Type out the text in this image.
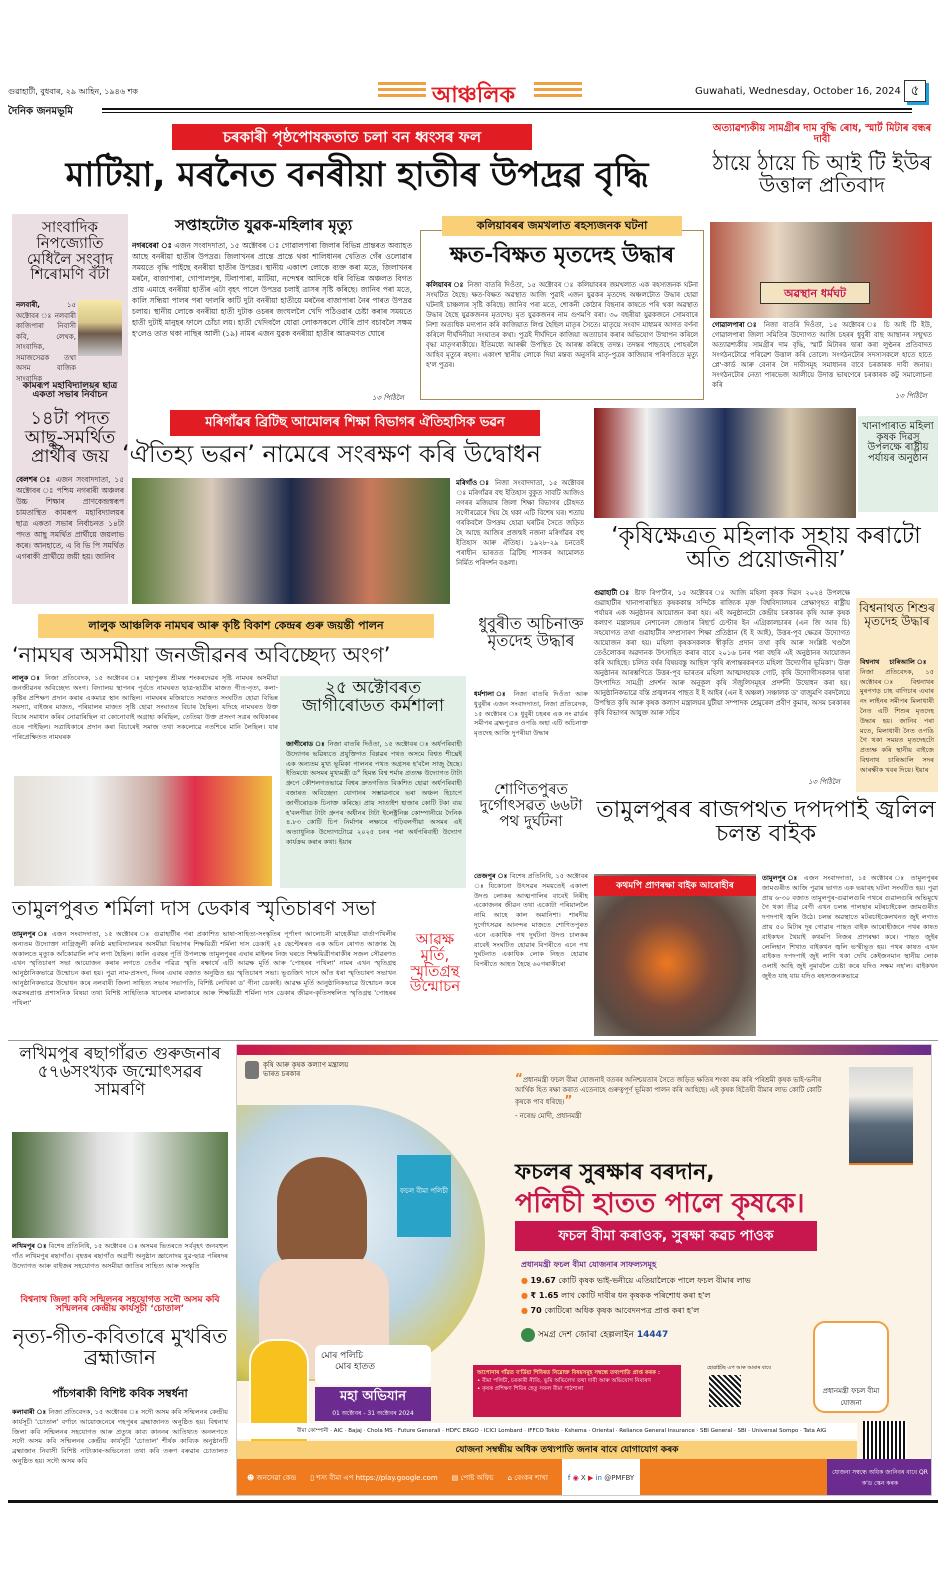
গুৱাহাটী, বুধবাৰ, ২৯ আহিন, ১৯৪৬ শক
দৈনিক জনমভূমি
আঞ্চলিক	Guwahati, Wednesday, October 16, 2024 ৫
চৰকাৰী পৃষ্ঠপোষকতাত চলা বন ধ্বংসৰ ফল
মাটিয়া, মৰনৈত বনৰীয়া হাতীৰ উপদ্ৰৱ বৃদ্ধি
সপ্তাহটোত যুৱক-মহিলাৰ মৃত্যু
নগৰবেৰা ঃ এজন সংবাদদাতা, ১৫ অক্টোবৰ ঃ গোৱালপাৰা জিলাৰ বিভিন্ন প্ৰান্তৰত অব্যাহত আছে বনৰীয়া হাতীৰ উপদ্ৰৱ। জিলাখনৰ প্ৰান্তে প্ৰান্তে থকা শালিধানৰ খেতিত গেঁৰ ওলোৱাৰ সময়তে বৃদ্ধি পাইছে বনৰীয়া হাতীৰ উপদ্ৰৱ। স্থানীয় একাংশ লোকে ব্যক্ত কৰা মতে, জিলাখনৰ মৰনৈ, বাজাপাৰা, গোপালপুৰ, টিলাপাৰা, মাটিয়া, নন্দেশ্বৰ আদিকে ধৰি বিভিন্ন অঞ্চলত বিগত প্ৰায় এমাহে বনৰীয়া হাতীৰ এটা বৃহৎ পালে উপদ্ৰৱ চলাই ত্ৰাসৰ সৃষ্টি কৰিছে। জানিব পৰা মতে, কালি সন্ধিয়া পালৰ পৰা ফালৰি কাটি দুটা বনৰীয়া হাতীয়ে মৰনৈৰ বাজাপাৰা নৈৰ পাৰত উপদ্ৰৱ চলায়। স্থানীয় লোকে বনৰীয়া হাতী দুটাক ওচৰৰ জংঘললৈ খেদি পঠিওৱাৰ চেষ্টা কৰাৰ সময়তে হাতী দুটাই মানুহৰ ফালে চোঁচা লয়। হাতী খেদিবলৈ যোৱা লোকসকলে দৌৰি প্ৰাণ বচাবলৈ সক্ষম হ'লেও তাত থকা নাছিৰ আলী (১৯) নামৰ এজন যুৱক বনৰীয়া হাতীৰ আক্ৰমণত ঘোৰে
১৩ পিঠিলৈ
সাংবাদিক নিপজ্যোতি মেধিলৈ সংবাদ শিৰোমণি বঁটা
নলবাৰী,	১৫ অক্টোবৰ ঃ নলবাৰী কাজিপাৰা নিবাসী কবি, লেখক, সাংবাদিক, সমাজসেৱক তথা অসম বাজিক সাংবাদিক
কামৰূপ মহাবিদ্যালয়ৰ ছাত্ৰ একতা সভাৰ নিৰ্বাচন
১৪টা পদত আছু-সমৰ্থিত প্ৰাৰ্থীৰ জয়
বেলশৰ ঃ এজন সংবাদদাতা, ১৫ অক্টোবৰ ঃ পশ্চিম নগৰাৰী অঞ্চলৰ উচ্চ শিক্ষাৰ প্ৰাণকেন্দ্ৰস্বৰূপ চামতাস্থিত কামৰূপ মহাবিদ্যালয়ৰ ছাত্ৰ একতা সভাৰ নিৰ্বাচনত ১৪টা পদত আছু সমৰ্থিত প্ৰাৰ্থীয়ে জয়লাভ কৰে। আনহাতে, এ বি ভি পি সমৰ্থিত এগৰাকী প্ৰাৰ্থীয়ে জয়ী হয়। জানিব
কলিয়াবৰৰ জমখলাত ৰহস্যজনক ঘটনা
ক্ষত-বিক্ষত মৃতদেহ উদ্ধাৰ
কলিয়াবৰ ঃ নিজা বাতৰি দিওঁতা, ১৫ অক্টোবৰ ঃ কলিয়াবৰৰ জমখলাত এক ৰহস্যজনক ঘটনা সংঘটিত হৈছে। ক্ষত-বিক্ষত অৱস্থাত আজি পুৱাই এজন যুৱকৰ মৃতদেহ অঞ্চলটোত উদ্ধাৰ হোৱা ঘটনাই চাঞ্চল্যৰ সৃষ্টি কৰিছে। জানিব পৰা মতে, শোকনী কোঠাৰ বিছনাৰ কাষতে পৰি থকা অৱস্থাত উদ্ধাৰ হৈছে যুৱকজনৰ মৃতদেহ। মৃত যুৱকজনৰ নাম গুণমণি বৰা। ৩০ বছৰীয়া যুৱকজনে সোমবাৰে নিশা অত্যধিক মদ্যপান কৰি কাজিয়াত লিপ্ত হৈছিল মাতৃৰ সৈতে। মাতৃয়ে সংবাদ মাধ্যমৰ আগত বৰ্ণনা কৰিলে দীৰ্ঘদিনীয়া সংঘাতৰ কথা। পুত্ৰই দীৰ্ঘদিনে কাজিয়া অত্যাচাৰ কৰাৰ অভিযোগ উত্থাপন কৰিলে বৃদ্ধা মাতৃগৰাকীয়ে। ইতিমধ্যে আৰক্ষী উপস্থিত হৈ আৰম্ভ কৰিছে তদন্ত। তদন্তৰ পাছতহে পোহৰলৈ আহিব মৃত্যুৰ ৰহস্য। একাংশ স্থানীয় লোকে দিয়া মন্তব্য অনুসৰি মাতৃ-পুত্ৰৰ কাজিয়াৰ পৰিণতিতে মৃত্যু হ'ল পুত্ৰৰ।
অত্যাৱশ্যকীয় সামগ্ৰীৰ দাম বৃদ্ধি ৰোধ, স্মাৰ্ট মিটাৰ বন্ধৰ দাবী
ঠায়ে ঠায়ে চি আই টি ইউৰ উত্তাল প্ৰতিবাদ
অৱস্থান ধৰ্মঘট
গোৱালপাৰা ঃ নিজা বাতৰি দিওঁতা, ১৫ অক্টোবৰ ঃ চি আই টি ইউ, গোৱালপাৰা জিলা সমিতিৰ উদ্যোগত আজি চহৰৰ ধুবুৰী বাছ আস্থানৰ সন্মুখত অত্যাৱশ্যকীয় সামগ্ৰীৰ দাম বৃদ্ধি, স্মাৰ্ট মিটাৰৰ দ্বাৰা কৰা লুণ্ঠনৰ প্ৰতিবাদত সংগঠনটোৱে পৰিৱেশ উত্তাল কৰি তোলে। সংগঠনটোৰ সদস্যসকলে হাতে হাতে প্লে'-কাৰ্ড আৰু বেনাৰ লৈ দাবীসমূহ সমাধানৰ বাবে চৰকাৰক দাবী জনায়। সংগঠনটোৰ নেতা পাৰভেজ আলীয়ে উদাত্ত ভাষণেৰে চৰকাৰক কটু সমালোচনা কৰি
১৩ পিঠিলৈ
মৰিগাঁৱৰ ব্ৰিটিছ আমোলৰ শিক্ষা বিভাগৰ ঐতিহাসিক ভৱন
‘ঐতিহ্য ভৱন’ নামেৰে সংৰক্ষণ কৰি উদ্বোধন
মৰিগাঁও ঃ নিজা সংবাদদাতা, ১৫ অক্টোবৰ ঃ মৰিগাঁৱৰ বহু ইতিহাস বুকুত সাবটি আজিও নগৰৰ মজিয়াৰ জিলা শিক্ষা বিভাগৰ চৌহদত সগৌৰৱেৰে থিয় হৈ থকা এটি বিশেষ ঘৰ। শতায় গৰকিবলৈ উপক্ৰম হোৱা ঘৰটিৰ সৈতে জড়িত হৈ আছে আজিৰ প্ৰজন্মই নজনা মৰিগাঁৱৰ বহু ইতিহাস আৰু ঐতিহ্য। ১৯২৮-২৯ চনতেই পৰাধীন ভাৰতত ব্ৰিটিছ শাসকৰ আমোলত নিৰ্মিত পৰিদৰ্শন বঙলা।
খানাপাৰাত মহিলা কৃষক দিৱস উপলক্ষে ৰাষ্ট্ৰীয় পৰ্যায়ৰ অনুষ্ঠান
‘কৃষিক্ষেত্ৰত মহিলাক সহায় কৰাটো অতি প্ৰয়োজনীয়’
গুৱাহাটী ঃ ষ্টাফ ৰিপ'ৰ্টাৰ, ১৫ অক্টোবৰ ঃ আজি মহিলা কৃষক দিৱস ২০২৪ উপলক্ষে গুৱাহাটীৰ খানাপাৰাস্থিত কৃষককান্ত সন্দিকৈ ৰাজ্যিক মৃক্ত বিশ্ববিদ্যালয়ৰ প্ৰেক্ষাগৃহত ৰাষ্ট্ৰীয় পৰ্যায়ৰ এক অনুষ্ঠানৰ আয়োজন কৰা হয়। এই অনুষ্ঠানটো কেন্দ্ৰীয় চৰকাৰৰ কৃষি আৰু কৃষক কল্যাণ মন্ত্ৰালয়ৰ নেশ্যনেল জেণ্ডাৰ ৰিছ'ৰ্চ চেণ্টাৰ ইন এগ্ৰিকালচাৰৰ (এন জি আৰ চি) সহযোগত তথা গুৱাহাটীৰ সম্প্ৰসাৰণ শিক্ষা প্ৰতিষ্ঠান (ই ই আই), উত্তৰ-পূব ক্ষেত্ৰৰ উদ্যোগত আয়োজন কৰা হয়। মহিলা কৃষকসকলক স্বীকৃতি প্ৰদান তথা কৃষি আৰু সংশ্লিষ্ট খণ্ডলৈ তেওঁলোকৰ অৱদানক উৎসাহিত কৰাৰ বাবে ২০১৬ চনৰ পৰা বছৰি এই অনুষ্ঠানৰ আয়োজন কৰি আহিছে। চলিত বৰ্ষৰ বিষয়বস্তু আছিল 'কৃষি ৰূপান্তৰকৰণত মহিলা উদ্যোগীৰ ভূমিকা'। উক্ত অনুষ্ঠানৰ আৰম্ভণিতে উত্তৰ-পূব ভাৰতৰ মহিলা আত্মসহায়ক গোট, কৃষি উদ্যোগীসকলৰ দ্বাৰা উৎপাদিত সামগ্ৰী প্ৰদৰ্শন আৰু অনুকূল কৃষি সঁজুলিসমূহৰ প্ৰদৰ্শনী উদ্বোধন কৰা হয়। আনুষ্ঠানিকভাৱে বন্তি প্ৰজ্বলনৰ পাছত ই ই আইৰ (এন ই অঞ্চল) সঞ্চালক ড' বাজুমণি বৰদলৈয়ে উপস্থিত কৃষি আৰু কৃষক কল্যাণ মন্ত্ৰালয়ৰ যুটীয়া সম্পাদক শ্ৰেমুৰেল প্ৰবীণ কুমাৰ, অসম চৰকাৰৰ কৃষি বিভাগৰ আযুক্ত আৰু সচিব
১৩ পিঠিলৈ
বিশ্বনাথত শিশুৰ মৃতদেহ উদ্ধাৰ
বিশ্বনাথ চাৰিআলি ঃ নিজা প্ৰতিবেদক, ১৫ অক্টোবৰ ঃ বিশ্বনাথৰ মুৰপগড় চাহ বাগিচাৰ এঘাৰ নং লাইনৰ সমীপৰ মিলাধাৰী নৈত এটি শিশুৰ মৃতদেহ উদ্ধাৰ হয়। জানিব পৰা মতে, মিলাধাৰী নৈত ওপঙি গৈ থকা সময়ত মৃতদেহটো প্ৰত্যক্ষ কৰি স্থানীয় বাইজে বিশ্বনাথ চাৰিআলি সদৰ আৰক্ষীক খবৰ দিয়ে। ইয়াৰ
লালুক আঞ্চলিক নামঘৰ আৰু কৃষ্টি বিকাশ কেন্দ্ৰৰ গুৰু জয়ন্তী পালন
‘নামঘৰ অসমীয়া জনজীৱনৰ অবিচ্ছেদ্য অংগ’
লালুক ঃ নিজা প্ৰতিবেদক, ১৫ অক্টোবৰ ঃ মহাপুৰুষ শ্ৰীমন্ত শংকৰদেৱৰ সৃষ্টি নামঘৰ অসমীয়া জনজীৱনৰ অবিচ্ছেদ্য অংগ। বিদ্যালয় স্থাপনৰ পূৰ্বতে নামঘৰত ছাত্ৰ-ছাত্ৰীৰ মাজত গীত-নৃত্য, কলা-কৃষ্টিৰ প্ৰশিক্ষণ প্ৰদান কৰাৰ একমাত্ৰ স্থান আছিল। নামঘৰৰ মজিয়াতে সমাজত সংঘটিত হোৱা বিভিন্ন সমস্যা, বাইজৰ মাজত, পৰিয়ালৰ মাজত সৃষ্টি হোৱা সংঘাতৰ বিচাৰ হৈছিল। যদিহে নামঘৰত উক্ত বিচাৰ সমাধান কৰিব নোৱাৰিছিল বা কোনোবাই অগ্ৰাহ্য কৰিছিল, তেতিয়া উক্ত প্ৰসংগ সত্ৰৰ অধিকাৰৰ ওচৰ পাইছিল। সত্ৰাধিকাৰে প্ৰদান কৰা বিচাৰেই সমাজ তথা সকলোৱে নতশিৰে মানি লৈছিল। যাৰ পৰিপ্ৰেক্ষিতত নামঘৰক
২৫ অক্টোবৰত জাগীৰোডত কৰ্মশালা
জাগীৰোড ঃ নিজা বাতৰি দিওঁতা, ১৫ অক্টোবৰ ঃ অৰ্ধপৰিবাহী উদ্যোগৰ ভৱিষ্যতে প্ৰযুক্তিগত বিপ্লৱৰ পথত অসমে বিশ্বত শীঘ্ৰেই এক অন্যতম মুখ্য ভূমিকা পালনৰ পথত অগ্ৰসৰ হ'বলৈ সাজু হৈছে। ইতিমধ্যে অসমৰ মুখ্যমন্ত্ৰী ড° হিমন্ত বিশ্ব শৰ্মাৰ প্ৰত্যক্ষ উদ্যোগত টাটা গ্ৰুপে কৌশলগতভাৱে বিশ্বৰ দ্ৰুতগতিত বিকশিত হোৱা অৰ্ধপৰিবাহী বজাৰত অবিচ্ছেদ্য যোগানৰ সম্ভাৱনাৰে ভৰা অঞ্চল হিচাপে জাগীৰোডক চিনাক্ত কৰিছে। প্ৰায় সাতাইশ হাজাৰ কোটি টকা ব্যয় হ'বলগীয়া টাটা গ্ৰুপৰ অধীনৰ টাটা ইলেক্ট্ৰনিক্স কোম্পানীয়ে দৈনিক ৪.৮৩ কোটি চিপ নিৰ্মাণৰ লক্ষ্যৰে গঢ়িবলগীয়া অসমৰ এই অত্যাধুনিক উদ্যোগটোৱে ২০২৫ চনৰ পৰা অৰ্ধপৰিবাহী উদ্যোগ কাৰ্যক্ৰম কৰাৰ কথা। ইয়াৰ
ধুবুৰীত অচিনাক্ত মৃতদেহ উদ্ধাৰ
ধৰ্মশালা ঃ নিজা বাতৰি দিওঁতা আৰু ধুবুৰীৰ এজন সংবাদদাতা, নিজা প্ৰতিবেদক, ১৫ অক্টোবৰ ঃ ধুবুৰী চহৰৰ এক নং ৱাৰ্ডৰ সমীপৰ ব্ৰহ্মপুত্ৰত ওপঙি অহা এটি অচিনাক্ত মৃতদেহ আজি দুপৰীয়া উদ্ধাৰ
শোণিতপুৰত দুৰ্গোৎসৱত ৬৬টা পথ দুৰ্ঘটনা
তেজপুৰ ঃ বিশেষ প্ৰতিনিধি, ১৫ অক্টোবৰ ঃ যিকোনো উৎসৱৰ সময়তেই একাংশ উদণ্ড লোকৰ আত্মপালিৰ বাবেই নিৰীহ একোজনৰ জীৱন তথা একোটা পৰিয়াললৈ নামি আহে কাল অমানিশা। শাৰদীয় দুৰ্গোৎসৱৰ আনন্দৰ মাজতে শোণিতপুৰত এনে একাধিক পথ দুৰ্ঘটনা উদণ্ড চালকৰ বাবেই সংঘটিত হোৱাৰ বিপৰীতে এনে পথ দুৰ্ঘটনাত একাধিক লোক নিহত হোৱাৰ বিপৰীতে আহত হৈছে ৬০গৰাকীৰো
তামুলপুৰৰ ৰাজপথত দপদপাই জ্বলিল চলন্ত বাইক
কথমপি প্ৰাণৰক্ষা বাইক আৰোহীৰ
তামুলপুৰ ঃ এজন সংবাদদাতা, ১৫ অক্টোবৰ ঃ তামুলপুৰৰ জামগুৰীত আজি পুৱাৰ ভাগত এক ভয়াবহ ঘটনা সংঘটিত হয়। পুৱা প্ৰায় ৬-৩০ বজাত তামুলপুৰ-গুৱালগুৰি পথৰে গুৱালগুৰি অভিমুখে গৈ থকা তীব্ৰ বেগী এখন চলন্ত পালছাৰ মটৰচাইকেল জামগুৰীত দপদপাই জ্বলি উঠে। চলন্ত অৱস্থাতে মটৰচাইকেলখনত জুই লগাত প্ৰায় ৫০ মিটাৰ দূৰ গোৱাৰ পাছত বাইক আৰোহীজনে পথৰ কাষত বাইকখন থৈয়াই কথমপি নিজৰ প্ৰাণৰক্ষা কৰে। পাছত জুইৰ লেলিহান শিখাত বাইকখন জ্বলি ভস্মীভূত হয়। পথৰ কাষত এখন বাইকত দপদপাই জুই লাগি থকা দেখি কেইজনমান স্থানীয় লোক ওলাই আহি জুই নুমাবলৈ চেষ্টা কৰে যদিও সক্ষম নহ'ল। বাইকখন জুইত যাহ যায় যদিও ৰহস্যজনকভাৱে
তামুলপুৰত শৰ্মিলা দাস ডেকাৰ স্মৃতিচাৰণ সভা
তামুলপুৰ ঃ এজন সংবাদদাতা, ১৫ অক্টোবৰ ঃ গুৱাহাটীৰ পৰা প্ৰকাশিত ভাষা-সাহিত্য-সংস্কৃতিৰ পূৰ্ণাংগ আলোচনী মাহেকীয়া বাৰ্তাপখিলীৰ অন্যতম উদ্যোক্তা নাগ্ৰিজুলী কনিষ্ঠ মহাবিদ্যালয়ৰ অসমীয়া বিভাগৰ শিক্ষয়িত্ৰী শৰ্মিলা দাস ডেকাই ২৫ ছেপ্টেম্বৰত এক অচিন ৰোগত আক্ৰান্ত হৈ অকালতে মৃত্যুক আঁকোৱালি ল'ব লগা হৈছিল। কালি এবছৰ পূৰ্তি উপলক্ষে তামুলপুৰৰ এঘাৰ মাইলৰ নিজ ঘৰতে শিক্ষয়িত্ৰীগৰাকীৰ সজল সৌৱৰণত এখন স্মৃতিচাৰণ সভা আয়োজন কৰাৰ লগতে তেওঁৰ পৱিত্ৰ স্মৃতি ৰক্ষাৰ্থে এটি আৱক্ষ মূৰ্তি আৰু 'পোহৰৰ পখিলা' নামৰ এখন স্মৃতিগ্ৰন্থ আনুষ্ঠানিকভাৱে উন্মোচন কৰা হয়। পুৱা নাম-প্ৰসংগ, দিনৰ এঘাৰ বজাত অনুষ্ঠিত হয় স্মৃতিচাৰণ সভা। ভূগুজিৎ দাসে আঁত ধৰা স্মৃতিচাৰণ সভাখন আনুষ্ঠানিকভাৱে উদ্বোধন কৰে নলবাৰী জিলা সাহিত্য সভাৰ সভাপতি, বিশিষ্ট লেখিকা ড' গীনা ডেকাই। আৱক্ষ মূৰ্তি আনুষ্ঠানিকভাৱে উন্মোচন কৰে অৱসৰপ্ৰাপ্ত প্ৰশাসনিক বিষয়া তথা বিশিষ্ট সাহিত্যিক থানেশ্বৰ মালাকাৰে আৰু শিক্ষয়িত্ৰী শৰ্মিলা দাস ডেকাৰ জীৱন-কৃতিসম্বলিত স্মৃতিগ্ৰন্থ 'পোহৰৰ পখিলা'
আৱক্ষ মূৰ্তি, স্মৃতিগ্ৰন্থ উন্মোচন
লখিমপুৰ ৰছাগাঁৱত গুৰুজনাৰ ৫৭৬সংখ্যক জন্মোৎসৱৰ সামৰণি
লখিমপুৰ ঃ বিশেষ প্ৰতিনিধি, ১৫ অক্টোবৰ ঃ অসমৰ ভিতৰতে সৰ্ববৃহৎ জনবহুল গাঁও লখিমপুৰ ৰছাগাঁও। বৃহত্তৰ ৰছাগাঁও অগ্ৰণী অনুষ্ঠান জ্ঞানোদয় যুৱ-ছাত্ৰ পৰিষদৰ উদ্যোগত আৰু বাইজৰ সহযোগত অসমীয়া জাতিৰ সাহিত্য আৰু সংস্কৃতি
বিশ্বনাথ জিলা কবি সন্মিলনৰ সহযোগত সদৌ অসম কবি সন্মিলনৰ কেন্দ্ৰীয় কাৰ্যসূচী ‘চোতাল’
নৃত্য-গীত-কবিতাৰে মুখৰিত ব্ৰহ্মাজান
পাঁচগৰাকী বিশিষ্ট কবিক সম্বৰ্ধনা
কলাবাৰী ঃ নিজা প্ৰতিবেদক, ১৫ অক্টোবৰ ঃ সদৌ অসম কবি সন্মিলনৰ কেন্দ্ৰীয় কাৰ্যসূচী 'চোতাল' বৰ্ণাঢ্য আয়োজনেৰে গহপুৰৰ ব্ৰহ্মাজানত অনুষ্ঠিত হয়। বিশ্বনাথ জিলা কবি সন্মিলনৰ সহযোগত আৰু প্ৰত্যুষ কাব্য কাননৰ আতিথ্যত অনলপতে সদৌ অসম কবি সন্মিলনৰ কেন্দ্ৰীয় কাৰ্যসূচী 'চোতাল' শীৰ্ষক কাব্যিক অনুষ্ঠানটি ব্ৰহ্মাজান নিবাসী বিশিষ্ট নাট্যকাৰ-অভিনেতা তথা কবি তৰুণ বৰুৱাৰ চোতালত অনুষ্ঠিত হয়। সদৌ অসম কবি
কৃষি আৰু কৃষক কল্যাণ মন্ত্ৰালয়
ভাৰত চৰকাৰ
ফচল বীমা পলিচী
মোৰ পলিচি
মোৰ হাতত
মহা অভিযান
01 অক্টোবৰ - 31 অক্টোবৰ 2024
“প্ৰধানমন্ত্ৰী ফচল বীমা যোজনাই বতৰৰ অনিশ্চয়তাৰ সৈতে জড়িত ক্ষতিৰ শংকা কম কৰি পৰিশ্ৰমী কৃষক ভাই-ভনীৰ আৰ্থিক হিত ৰক্ষা কৰাত এতেনাহে গুৰুত্বপূৰ্ণ ভূমিকা পালন কৰি আহিছে। এই কৃষক হিতৈষী বীমাৰ লাভ কোটি কোটি কৃষকে পাব ধৰিছে।”
- নৰেন্দ্ৰ মোদী, প্ৰধানমন্ত্ৰী
ফচলৰ সুৰক্ষাৰ বৰদান,
পলিচী হাতত পালে কৃষকে।
ফচল বীমা কৰাওক, সুৰক্ষা কৱচ পাওক
প্ৰধানমন্ত্ৰী ফচল বীমা যোজনাৰ সাফল্যসমূহ
● 19.67 কোটি কৃষক ভাই-ভনীয়ে এতিয়ালৈকে পালে ফচল বীমাৰ লাভ
● ₹ 1.65 লাখ কোটি দাবীৰ ধন কৃষকক পৰিশোধ কৰা হ'ল
● 70 কোটিৰো অধিক কৃষক আবেদনপত্ৰ প্ৰাপ্ত কৰা হ'ল
সমগ্ৰ দেশ জোৰা হেল্পলাইন 14447
প্ৰধানমন্ত্ৰী ফচল বীমা যোজনা
আপোনাৰ গাঁৱত ব'ৰ্ডিয়া শিবিৰত নিম্নোক্ত বিষয়সমূহ সম্বন্ধে তথ্যপাতি প্ৰাপ্ত কৰক :
• বীমা পলিচী, চৰকাৰী নীতি, ভুমি অভিলেখ তথা দাবী আৰু অভিযোগ নিবাৰণ
• কৃষক প্ৰশিক্ষণ শিবিৰ হেতু সফল বীমা পাঠশালা
হোৱাইটছ এপ আৰু আমাৰ বাবে
বীমা কোম্পানী · AIC · Bajaj · Chola MS · Future Generali · HDFC ERGO · ICICI Lombard · IFFCO Tokio · Kshema · Oriental · Reliance General Insurance · SBI General · SBI · Universal Sompo · Tata AIG
যোজনা সম্বন্ধীয় অধিক তথ্যপাতি জনাৰ বাবে যোগাযোগ কৰক
☻ জনসেৱা কেন্দ্ৰ ▯ শস্য বীমা এপ https://play.google.com ▤ পোষ্ট অফিচ ⌂ বেংকৰ শাখা	f ◉ X ▶ in @PMFBY
যোজনা সম্বন্ধে অধিক জানিবৰ বাবে QR ক'ড স্কেন কৰক
